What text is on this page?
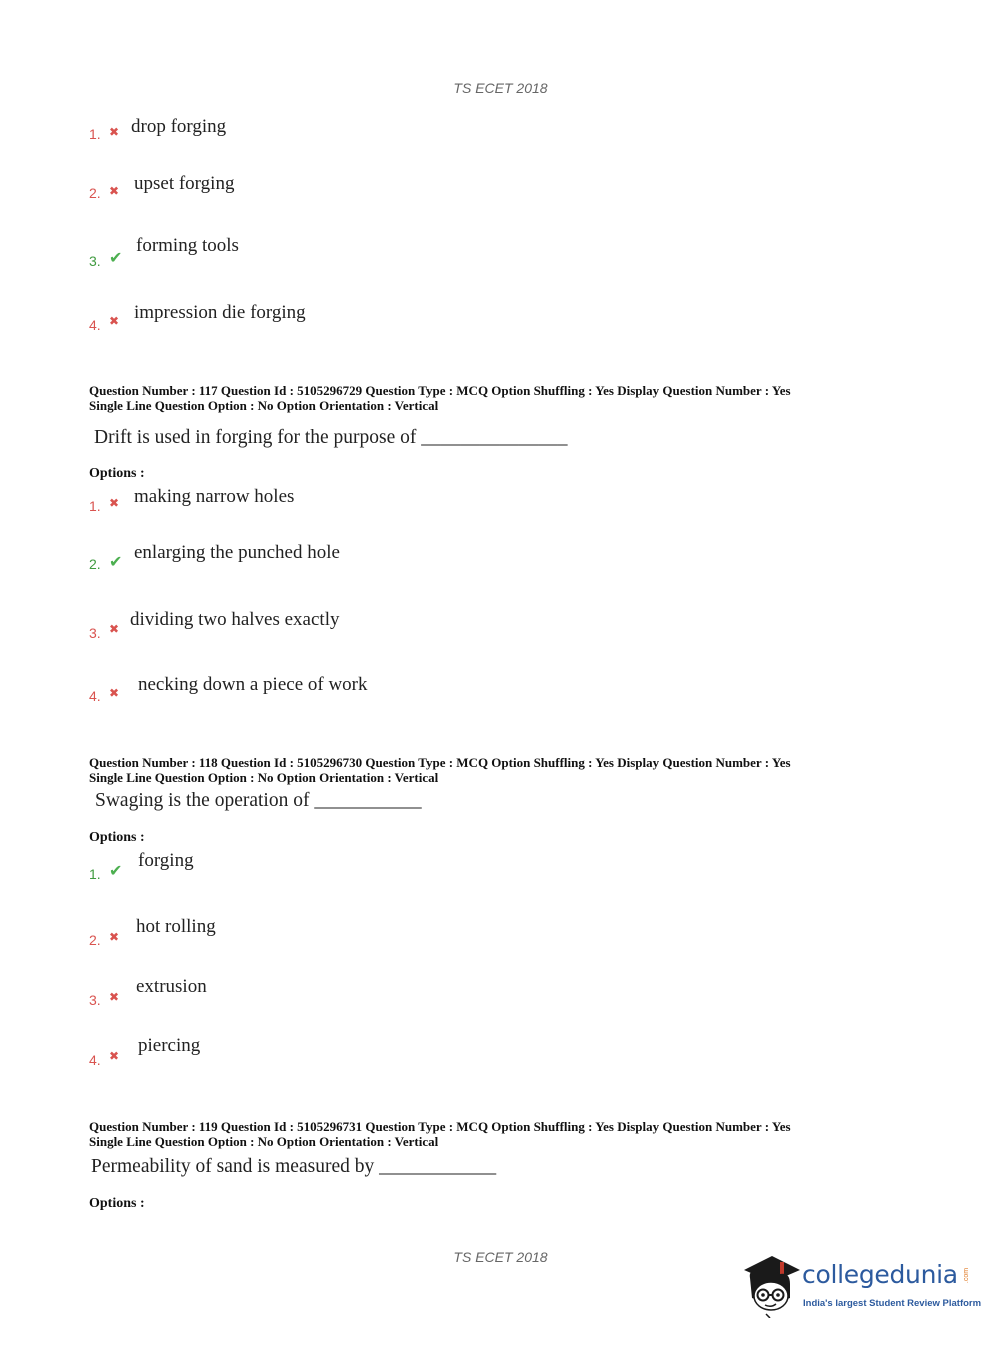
TS ECET 2018
1. ✖ drop forging
2. ✖ upset forging
3. ✔
forming tools
4. ✖ impression die forging
Question Number : 117 Question Id : 5105296729 Question Type : MCQ Option Shuffling : Yes Display Question Number : Yes
Single Line Question Option : No Option Orientation : Vertical
Drift is used in forging for the purpose of _______________
Options :
1. ✖ making narrow holes
2. ✔ enlarging the punched hole
3. ✖ dividing two halves exactly
4. ✖ necking down a piece of work
Question Number : 118 Question Id : 5105296730 Question Type : MCQ Option Shuffling : Yes Display Question Number : Yes
Single Line Question Option : No Option Orientation : Vertical
Swaging is the operation of ___________
Options :
1. ✔ forging
2. ✖ hot rolling
3. ✖ extrusion
4. ✖ piercing
Question Number : 119 Question Id : 5105296731 Question Type : MCQ Option Shuffling : Yes Display Question Number : Yes
Single Line Question Option : No Option Orientation : Vertical
Permeability of sand is measured by ____________
Options :
TS ECET 2018
collegedunia .com
India's largest Student Review Platform
